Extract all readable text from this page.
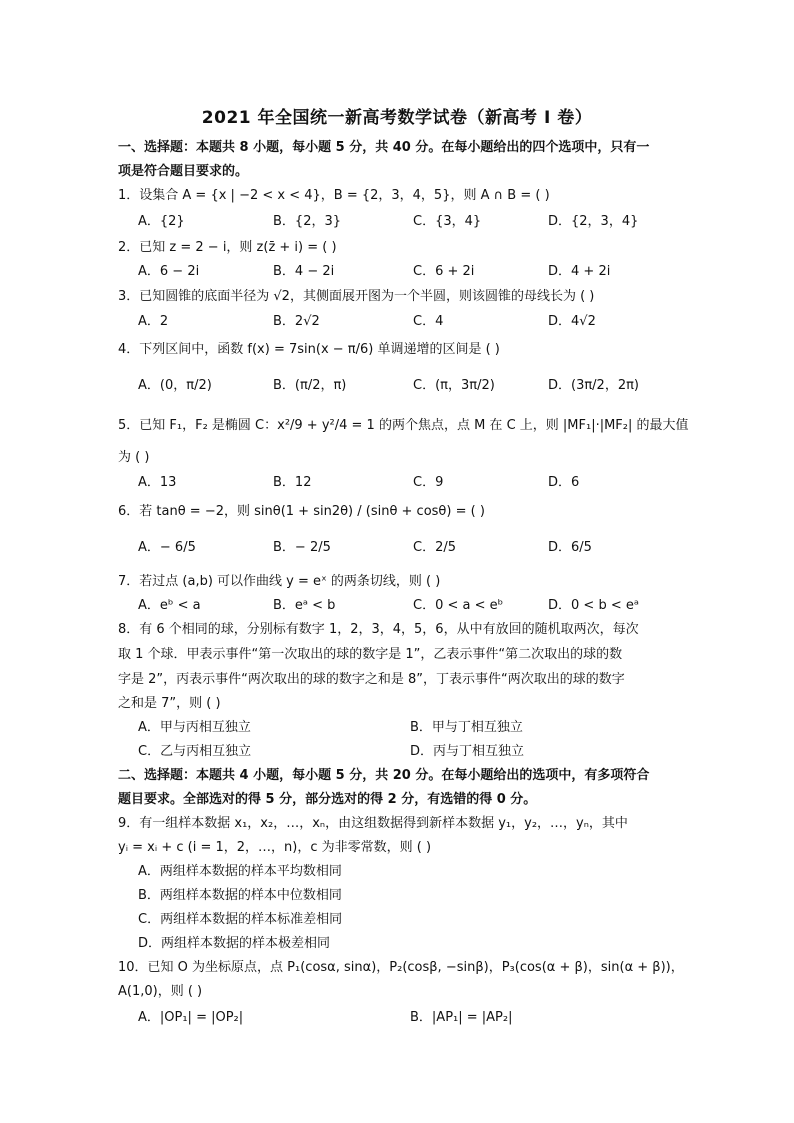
2021 年全国统一新高考数学试卷（新高考 I 卷）
一、选择题：本题共 8 小题，每小题 5 分，共 40 分。在每小题给出的四个选项中，只有一
项是符合题目要求的。
1．设集合 A = {x | −2 < x < 4}，B = {2，3，4，5}，则 A ∩ B = ( )
A．{2}	B．{2，3}	C．{3，4}	D．{2，3，4}
2．已知 z = 2 − i，则 z(z̄ + i) = ( )
A．6 − 2i	B．4 − 2i	C．6 + 2i	D．4 + 2i
3．已知圆锥的底面半径为 √2，其侧面展开图为一个半圆，则该圆锥的母线长为 ( )
A．2	B．2√2	C．4	D．4√2
4．下列区间中，函数 f(x) = 7sin(x − π/6) 单调递增的区间是 ( )
A．(0，π/2)	B．(π/2，π)	C．(π，3π/2)	D．(3π/2，2π)
5．已知 F₁，F₂ 是椭圆 C：x²/9 + y²/4 = 1 的两个焦点，点 M 在 C 上，则 |MF₁|·|MF₂| 的最大值
为 ( )
A．13	B．12	C．9	D．6
6．若 tanθ = −2，则 sinθ(1 + sin2θ) / (sinθ + cosθ) = ( )
A．− 6/5	B．− 2/5	C．2/5	D．6/5
7．若过点 (a,b) 可以作曲线 y = eˣ 的两条切线，则 ( )
A．eᵇ < a	B．eᵃ < b	C．0 < a < eᵇ	D．0 < b < eᵃ
8．有 6 个相同的球，分别标有数字 1，2，3，4，5，6，从中有放回的随机取两次，每次
取 1 个球．甲表示事件“第一次取出的球的数字是 1”，乙表示事件“第二次取出的球的数
字是 2”，丙表示事件“两次取出的球的数字之和是 8”，丁表示事件“两次取出的球的数字
之和是 7”，则 ( )
A．甲与丙相互独立	B．甲与丁相互独立
C．乙与丙相互独立	D．丙与丁相互独立
二、选择题：本题共 4 小题，每小题 5 分，共 20 分。在每小题给出的选项中，有多项符合
题目要求。全部选对的得 5 分，部分选对的得 2 分，有选错的得 0 分。
9．有一组样本数据 x₁，x₂，…，xₙ，由这组数据得到新样本数据 y₁，y₂，…，yₙ，其中
yᵢ = xᵢ + c (i = 1，2，…，n)，c 为非零常数，则 ( )
A．两组样本数据的样本平均数相同
B．两组样本数据的样本中位数相同
C．两组样本数据的样本标准差相同
D．两组样本数据的样本极差相同
10．已知 O 为坐标原点，点 P₁(cosα, sinα)，P₂(cosβ, −sinβ)，P₃(cos(α + β)，sin(α + β))，
A(1,0)，则 ( )
A．|OP₁| = |OP₂|	B．|AP₁| = |AP₂|
